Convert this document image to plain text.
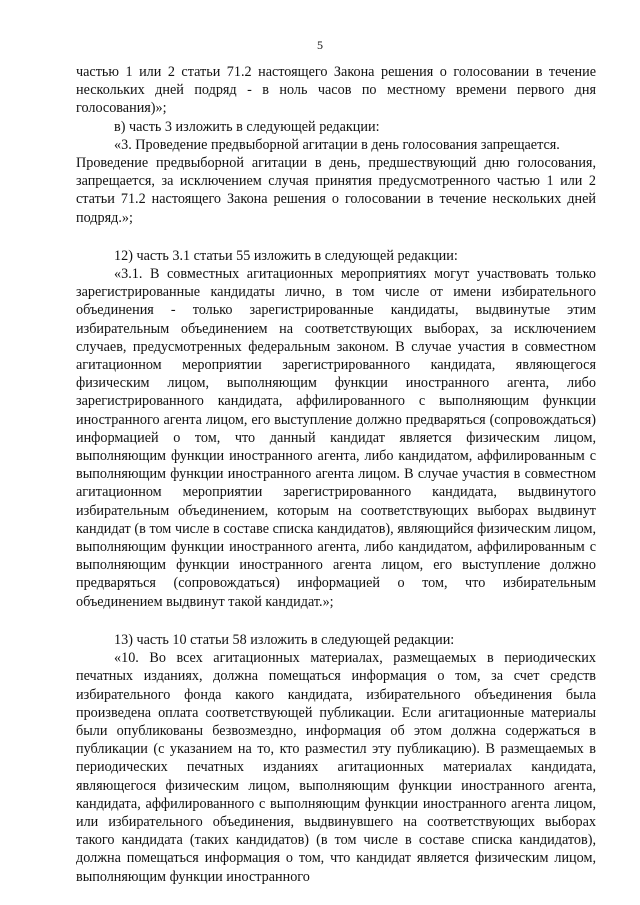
5

частью 1 или 2 статьи 71.2 настоящего Закона решения о голосовании в течение нескольких дней подряд - в ноль часов по местному времени первого дня голосования)»;

в) часть 3 изложить в следующей редакции:

«3. Проведение предвыборной агитации в день голосования запрещается.

Проведение предвыборной агитации в день, предшествующий дню голосования, запрещается, за исключением случая принятия предусмотренного частью 1 или 2 статьи 71.2 настоящего Закона решения о голосовании в течение нескольких дней подряд.»;

12) часть 3.1 статьи 55 изложить в следующей редакции:

«3.1. В совместных агитационных мероприятиях могут участвовать только зарегистрированные кандидаты лично, в том числе от имени избирательного объединения - только зарегистрированные кандидаты, выдвинутые этим избирательным объединением на соответствующих выборах, за исключением случаев, предусмотренных федеральным законом. В случае участия в совместном агитационном мероприятии зарегистрированного кандидата, являющегося физическим лицом, выполняющим функции иностранного агента, либо зарегистрированного кандидата, аффилированного с выполняющим функции иностранного агента лицом, его выступление должно предваряться (сопровождаться) информацией о том, что данный кандидат является физическим лицом, выполняющим функции иностранного агента, либо кандидатом, аффилированным с выполняющим функции иностранного агента лицом. В случае участия в совместном агитационном мероприятии зарегистрированного кандидата, выдвинутого избирательным объединением, которым на соответствующих выборах выдвинут кандидат (в том числе в составе списка кандидатов), являющийся физическим лицом, выполняющим функции иностранного агента, либо кандидатом, аффилированным с выполняющим функции иностранного агента лицом, его выступление должно предваряться (сопровождаться) информацией о том, что избирательным объединением выдвинут такой кандидат.»;

13) часть 10 статьи 58 изложить в следующей редакции:

«10. Во всех агитационных материалах, размещаемых в периодических печатных изданиях, должна помещаться информация о том, за счет средств избирательного фонда какого кандидата, избирательного объединения была произведена оплата соответствующей публикации. Если агитационные материалы были опубликованы безвозмездно, информация об этом должна содержаться в публикации (с указанием на то, кто разместил эту публикацию). В размещаемых в периодических печатных изданиях агитационных материалах кандидата, являющегося физическим лицом, выполняющим функции иностранного агента, кандидата, аффилированного с выполняющим функции иностранного агента лицом, или избирательного объединения, выдвинувшего на соответствующих выборах такого кандидата (таких кандидатов) (в том числе в составе списка кандидатов), должна помещаться информация о том, что кандидат является физическим лицом, выполняющим функции иностранного
